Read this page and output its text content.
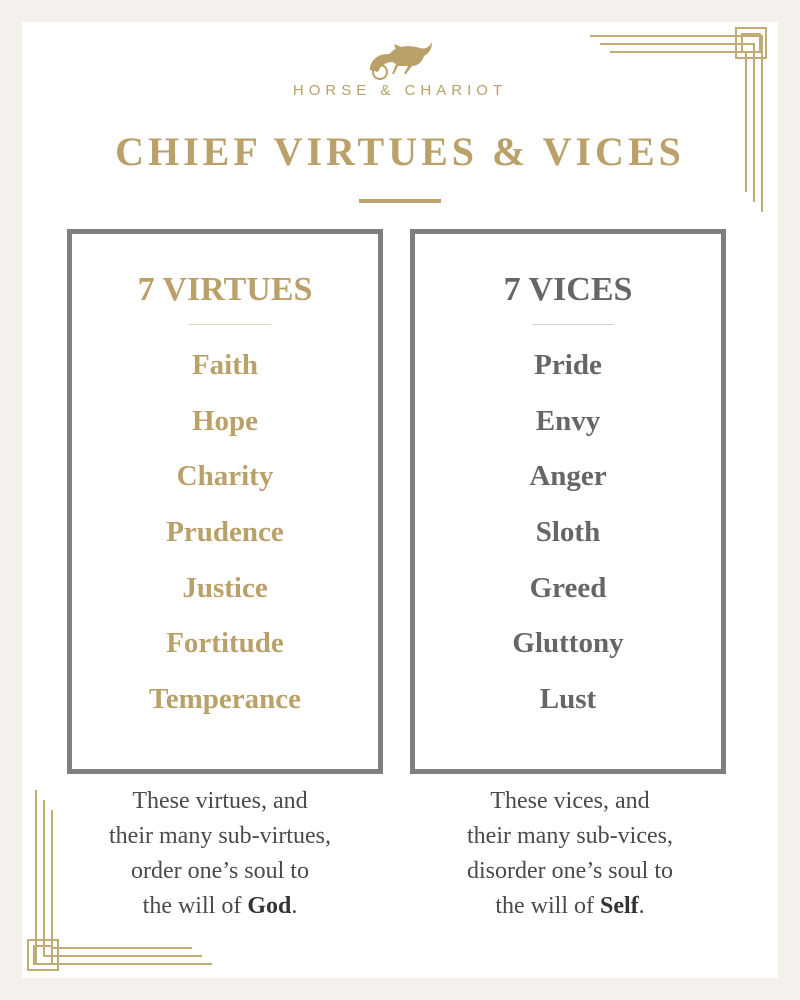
HORSE & CHARIOT
CHIEF VIRTUES & VICES
7 VIRTUES
Faith
Hope
Charity
Prudence
Justice
Fortitude
Temperance
7 VICES
Pride
Envy
Anger
Sloth
Greed
Gluttony
Lust

These virtues, and

their many sub-virtues,

order one’s soul to

the will of God.

These vices, and

their many sub-vices,

disorder one’s soul to

the will of Self.
